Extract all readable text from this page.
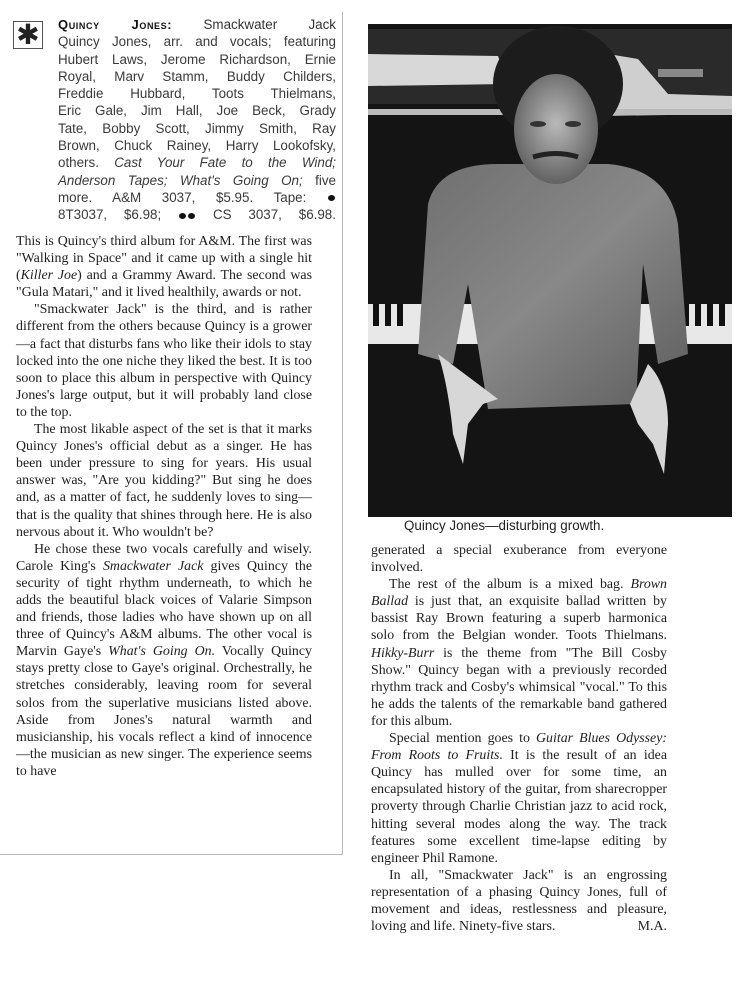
✱ Quincy Jones: Smackwater Jack
Quincy Jones, arr. and vocals; featuring
Hubert Laws, Jerome Richardson, Ernie
Royal, Marv Stamm, Buddy Childers,
Freddie Hubbard, Toots Thielmans,
Eric Gale, Jim Hall, Joe Beck, Grady
Tate, Bobby Scott, Jimmy Smith, Ray
Brown, Chuck Rainey, Harry Lookofsky,
others. Cast Your Fate to the Wind;
Anderson Tapes; What's Going On; five
more. A&M 3037, $5.95. Tape:
8T3037, $6.98;	CS 3037, $6.98.

This is Quincy's third album for A&M. The first was "Walking in Space" and it came up with a single hit (Killer Joe) and a Grammy Award. The second was "Gula Matari," and it lived healthily, awards or not.

"Smackwater Jack" is the third, and is rather different from the others because Quincy is a grower—a fact that disturbs fans who like their idols to stay locked into the one niche they liked the best. It is too soon to place this album in perspective with Quincy Jones's large output, but it will probably land close to the top.

The most likable aspect of the set is that it marks Quincy Jones's official debut as a singer. He has been under pressure to sing for years. His usual answer was, "Are you kidding?" But sing he does and, as a matter of fact, he suddenly loves to sing—that is the quality that shines through here. He is also nervous about it. Who wouldn't be?

He chose these two vocals carefully and wisely. Carole King's Smackwater Jack gives Quincy the security of tight rhythm underneath, to which he adds the beautiful black voices of Valarie Simpson and friends, those ladies who have shown up on all three of Quincy's A&M albums. The other vocal is Marvin Gaye's What's Going On. Vocally Quincy stays pretty close to Gaye's original. Orchestrally, he stretches considerably, leaving room for several solos from the superlative musicians listed above. Aside from Jones's natural warmth and musicianship, his vocals reflect a kind of innocence—the musician as new singer. The experience seems to have

Quincy Jones—disturbing growth.

generated a special exuberance from everyone involved.

The rest of the album is a mixed bag. Brown Ballad is just that, an exquisite ballad written by bassist Ray Brown featuring a superb harmonica solo from the Belgian wonder. Toots Thielmans. Hikky-Burr is the theme from "The Bill Cosby Show." Quincy began with a previously recorded rhythm track and Cosby's whimsical "vocal." To this he adds the talents of the remarkable band gathered for this album.

Special mention goes to Guitar Blues Odyssey: From Roots to Fruits. It is the result of an idea Quincy has mulled over for some time, an encapsulated history of the guitar, from sharecropper proverty through Charlie Christian jazz to acid rock, hitting several modes along the way. The track features some excellent time-lapse editing by engineer Phil Ramone.

In all, "Smackwater Jack" is an engrossing representation of a phasing Quincy Jones, full of movement and ideas, restlessness and pleasure, loving and life. Ninety-five stars.	M.A.
